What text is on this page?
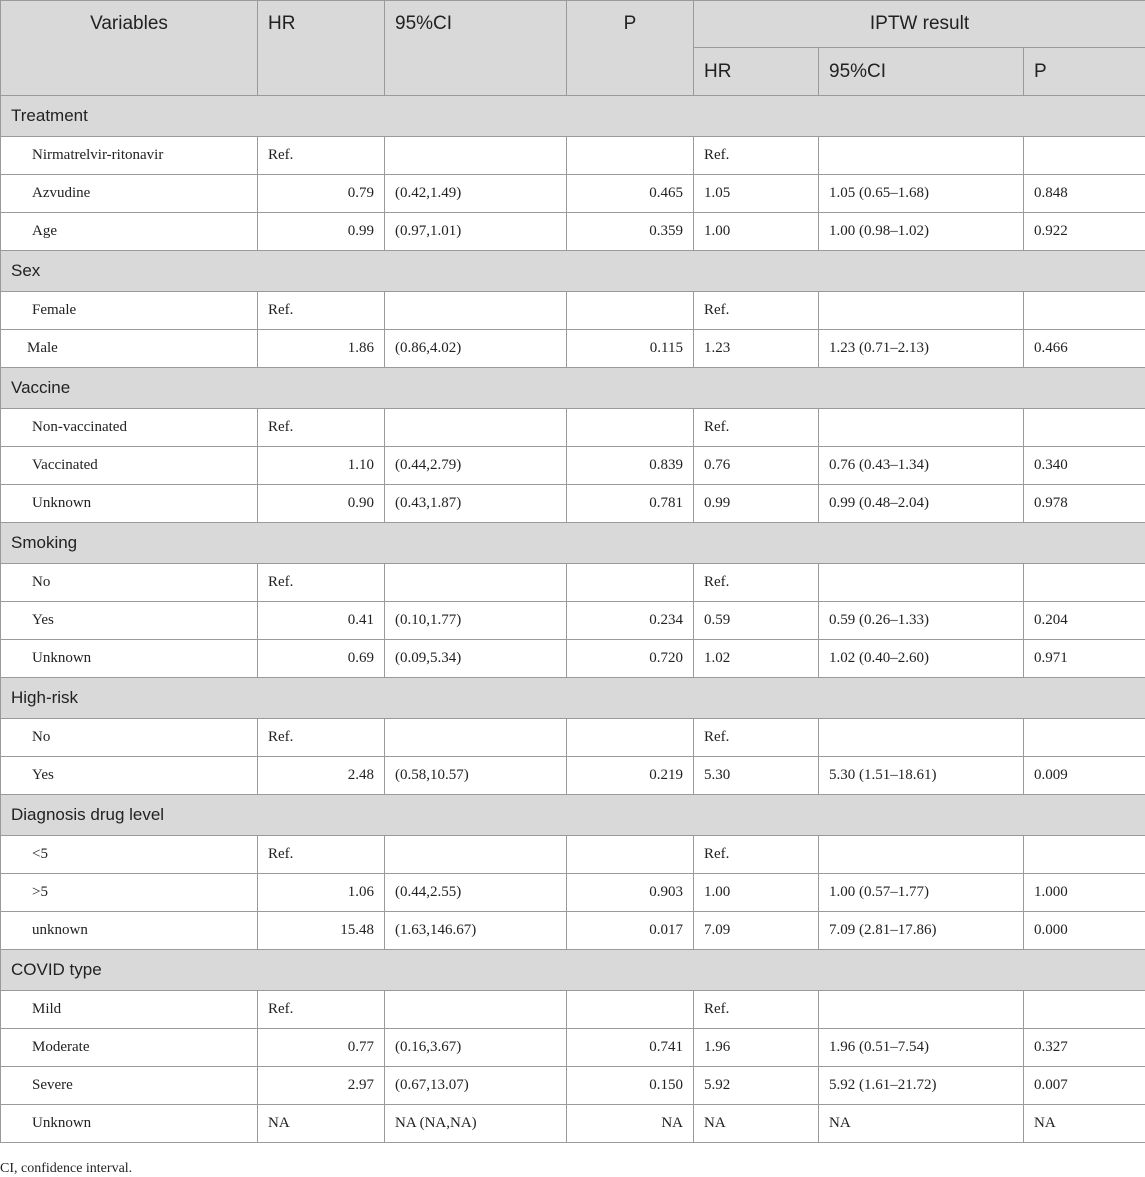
Variables	HR	95%CI	P	IPTW result		
				HR	95%CI	P
Treatment						
Nirmatrelvir-ritonavir	Ref.			Ref.		
Azvudine	0.79	(0.42,1.49)	0.465	1.05	1.05 (0.65–1.68)	0.848
Age	0.99	(0.97,1.01)	0.359	1.00	1.00 (0.98–1.02)	0.922
Sex						
Female	Ref.			Ref.		
Male	1.86	(0.86,4.02)	0.115	1.23	1.23 (0.71–2.13)	0.466
Vaccine						
Non-vaccinated	Ref.			Ref.		
Vaccinated	1.10	(0.44,2.79)	0.839	0.76	0.76 (0.43–1.34)	0.340
Unknown	0.90	(0.43,1.87)	0.781	0.99	0.99 (0.48–2.04)	0.978
Smoking						
No	Ref.			Ref.		
Yes	0.41	(0.10,1.77)	0.234	0.59	0.59 (0.26–1.33)	0.204
Unknown	0.69	(0.09,5.34)	0.720	1.02	1.02 (0.40–2.60)	0.971
High-risk						
No	Ref.			Ref.		
Yes	2.48	(0.58,10.57)	0.219	5.30	5.30 (1.51–18.61)	0.009
Diagnosis drug level						
<5	Ref.			Ref.		
>5	1.06	(0.44,2.55)	0.903	1.00	1.00 (0.57–1.77)	1.000
unknown	15.48	(1.63,146.67)	0.017	7.09	7.09 (2.81–17.86)	0.000
COVID type						
Mild	Ref.			Ref.		
Moderate	0.77	(0.16,3.67)	0.741	1.96	1.96 (0.51–7.54)	0.327
Severe	2.97	(0.67,13.07)	0.150	5.92	5.92 (1.61–21.72)	0.007
Unknown	NA	NA (NA,NA)	NA	NA	NA	NA
CI, confidence interval.
